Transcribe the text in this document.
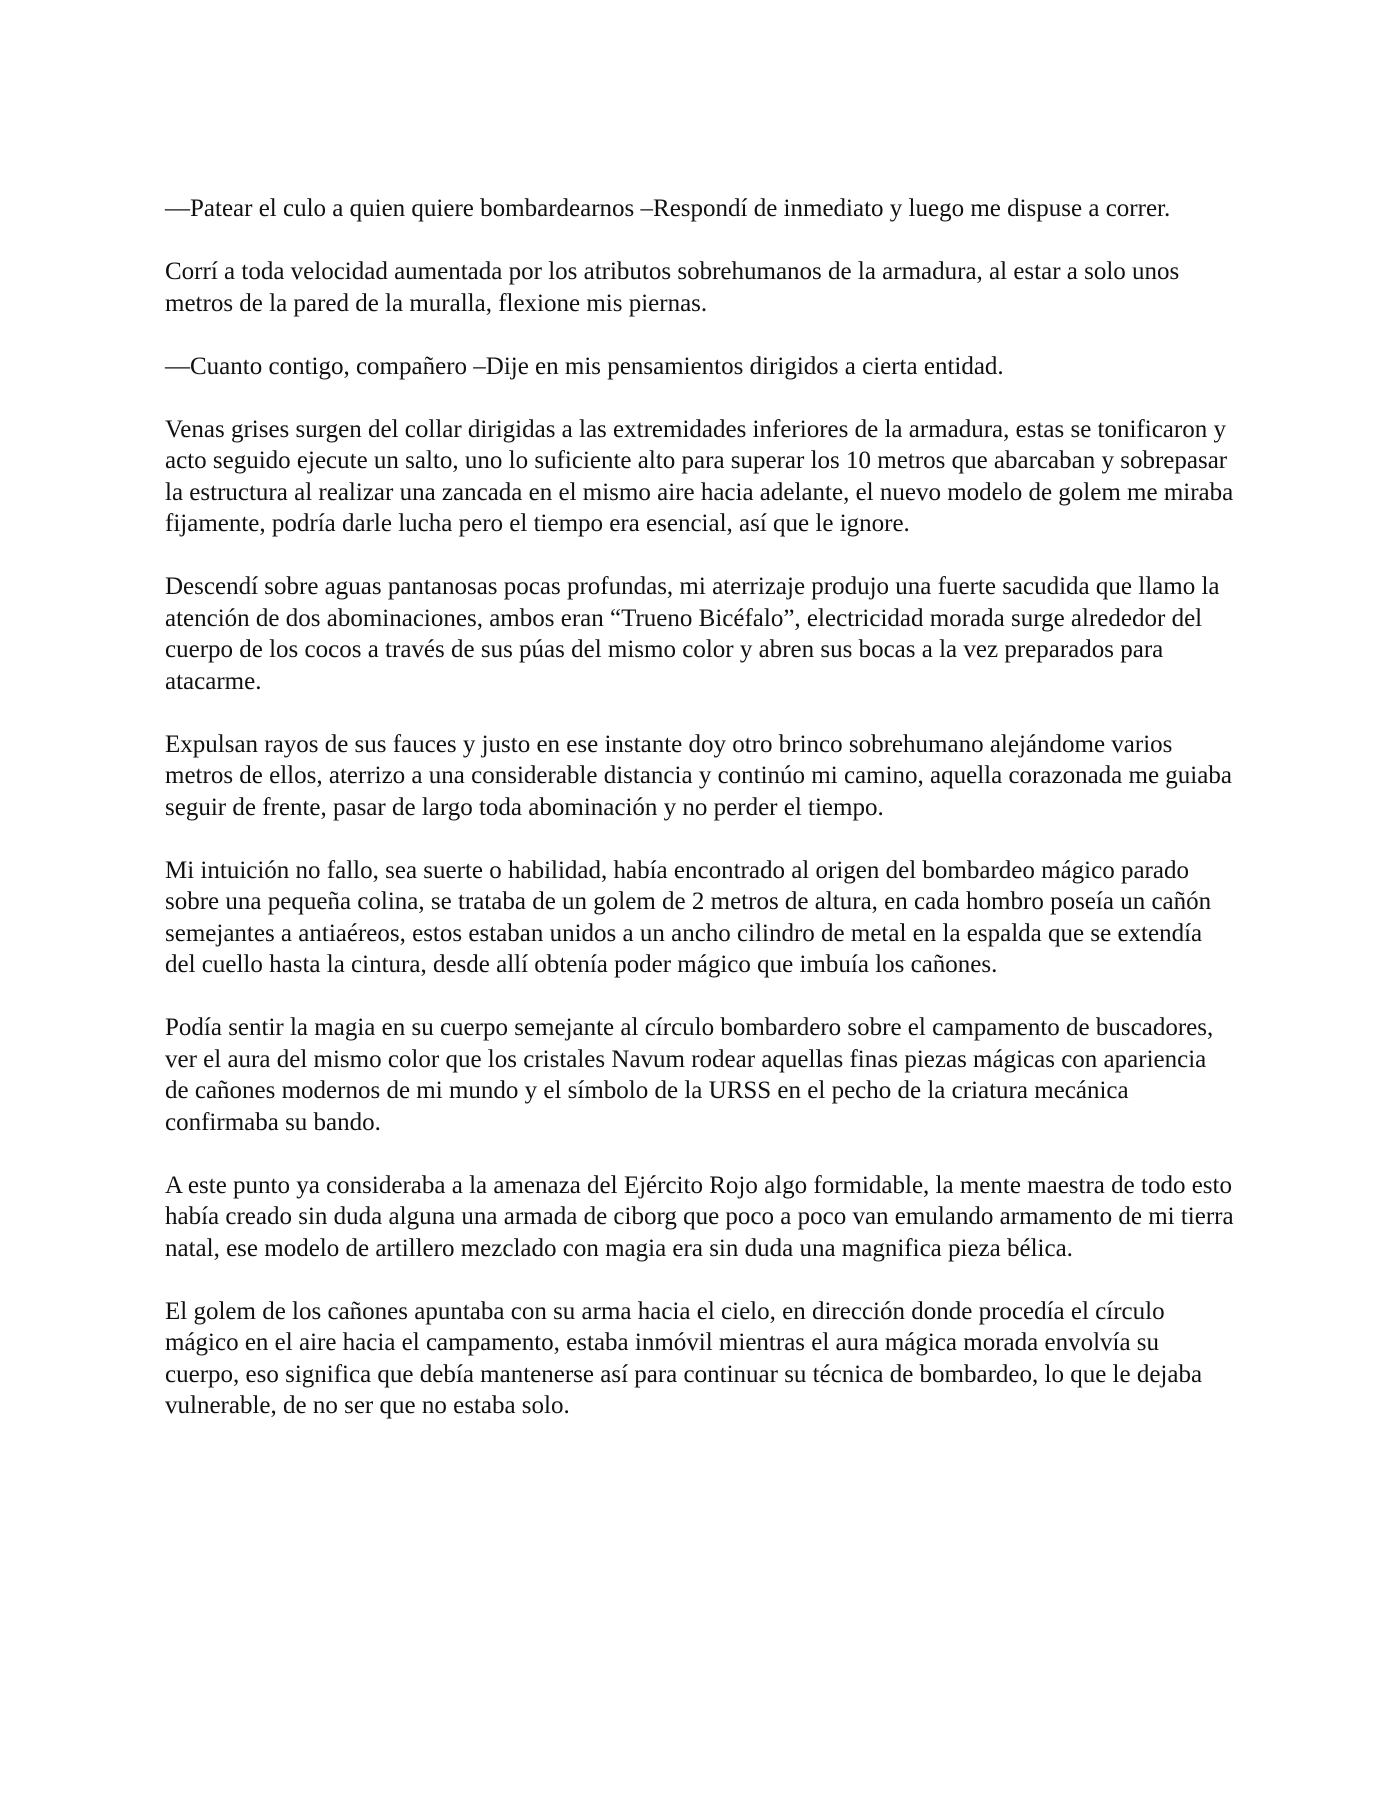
—Patear el culo a quien quiere bombardearnos –Respondí de inmediato y luego me dispuse a correr.

Corrí a toda velocidad aumentada por los atributos sobrehumanos de la armadura, al estar a solo unos metros de la pared de la muralla, flexione mis piernas.

—Cuanto contigo, compañero –Dije en mis pensamientos dirigidos a cierta entidad.

Venas grises surgen del collar dirigidas a las extremidades inferiores de la armadura, estas se tonificaron y acto seguido ejecute un salto, uno lo suficiente alto para superar los 10 metros que abarcaban y sobrepasar la estructura al realizar una zancada en el mismo aire hacia adelante, el nuevo modelo de golem me miraba fijamente, podría darle lucha pero el tiempo era esencial, así que le ignore.

Descendí sobre aguas pantanosas pocas profundas, mi aterrizaje produjo una fuerte sacudida que llamo la atención de dos abominaciones, ambos eran “Trueno Bicéfalo”, electricidad morada surge alrededor del cuerpo de los cocos a través de sus púas del mismo color y abren sus bocas a la vez preparados para atacarme.

Expulsan rayos de sus fauces y justo en ese instante doy otro brinco sobrehumano alejándome varios metros de ellos, aterrizo a una considerable distancia y continúo mi camino, aquella corazonada me guiaba seguir de frente, pasar de largo toda abominación y no perder el tiempo.

Mi intuición no fallo, sea suerte o habilidad, había encontrado al origen del bombardeo mágico parado sobre una pequeña colina, se trataba de un golem de 2 metros de altura, en cada hombro poseía un cañón semejantes a antiaéreos, estos estaban unidos a un ancho cilindro de metal en la espalda que se extendía del cuello hasta la cintura, desde allí obtenía poder mágico que imbuía los cañones.

Podía sentir la magia en su cuerpo semejante al círculo bombardero sobre el campamento de buscadores, ver el aura del mismo color que los cristales Navum rodear aquellas finas piezas mágicas con apariencia de cañones modernos de mi mundo y el símbolo de la URSS en el pecho de la criatura mecánica confirmaba su bando.

A este punto ya consideraba a la amenaza del Ejército Rojo algo formidable, la mente maestra de todo esto había creado sin duda alguna una armada de ciborg que poco a poco van emulando armamento de mi tierra natal, ese modelo de artillero mezclado con magia era sin duda una magnifica pieza bélica.

El golem de los cañones apuntaba con su arma hacia el cielo, en dirección donde procedía el círculo mágico en el aire hacia el campamento, estaba inmóvil mientras el aura mágica morada envolvía su cuerpo, eso significa que debía mantenerse así para continuar su técnica de bombardeo, lo que le dejaba vulnerable, de no ser que no estaba solo.
